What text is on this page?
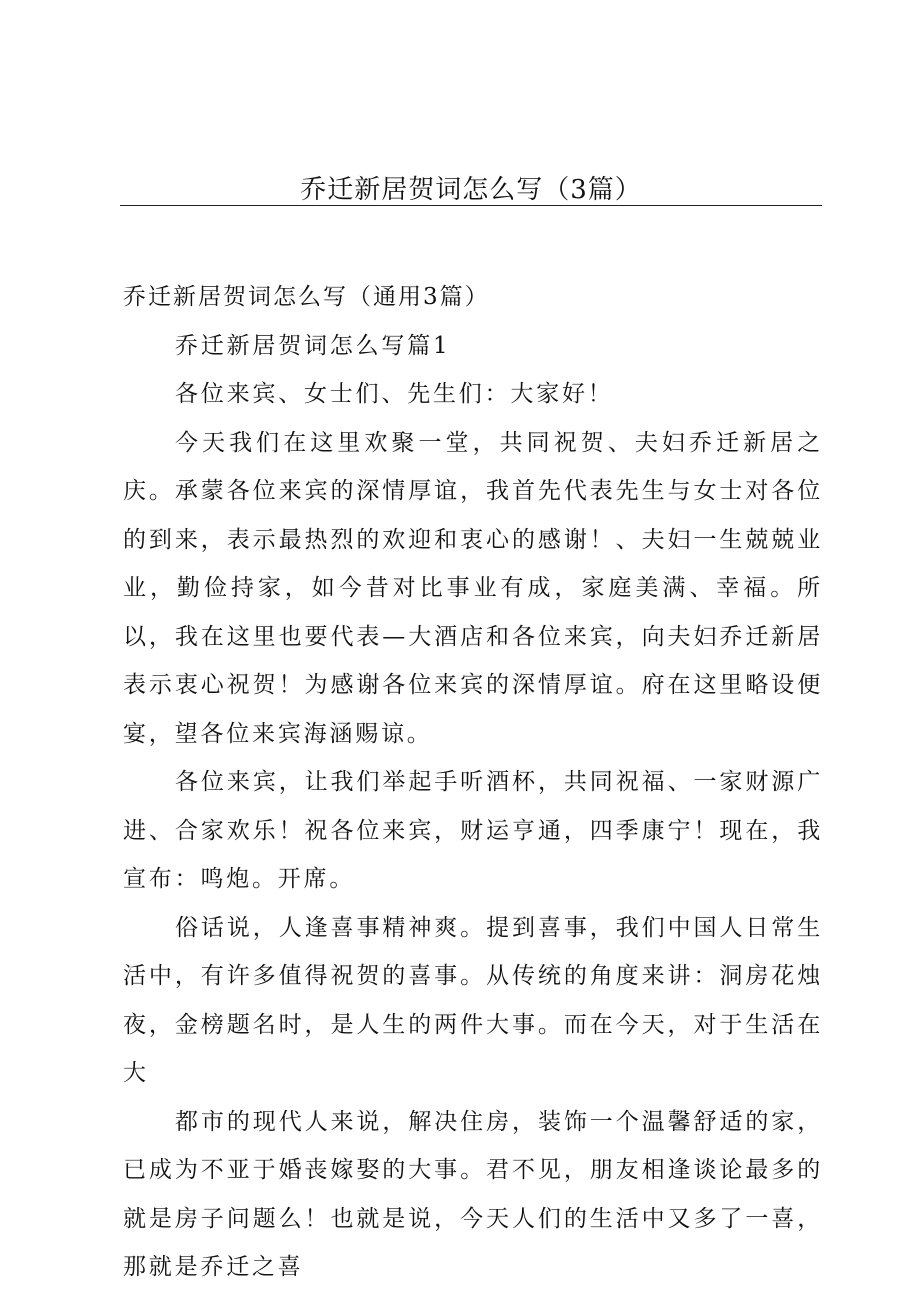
乔迁新居贺词怎么写（3篇）

乔迁新居贺词怎么写（通用3篇）

乔迁新居贺词怎么写篇1

各位来宾、女士们、先生们：大家好！

今天我们在这里欢聚一堂，共同祝贺、夫妇乔迁新居之庆。承蒙各位来宾的深情厚谊，我首先代表先生与女士对各位的到来，表示最热烈的欢迎和衷心的感谢！、夫妇一生兢兢业业，勤俭持家，如今昔对比事业有成，家庭美满、幸福。所以，我在这里也要代表—大酒店和各位来宾，向夫妇乔迁新居表示衷心祝贺！为感谢各位来宾的深情厚谊。府在这里略设便宴，望各位来宾海涵赐谅。

各位来宾，让我们举起手听酒杯，共同祝福、一家财源广进、合家欢乐！祝各位来宾，财运亨通，四季康宁！现在，我宣布：鸣炮。开席。

俗话说，人逢喜事精神爽。提到喜事，我们中国人日常生活中，有许多值得祝贺的喜事。从传统的角度来讲：洞房花烛夜，金榜题名时，是人生的两件大事。而在今天，对于生活在大

都市的现代人来说，解决住房，装饰一个温馨舒适的家，已成为不亚于婚丧嫁娶的大事。君不见，朋友相逢谈论最多的就是房子问题么！也就是说，今天人们的生活中又多了一喜，那就是乔迁之喜
